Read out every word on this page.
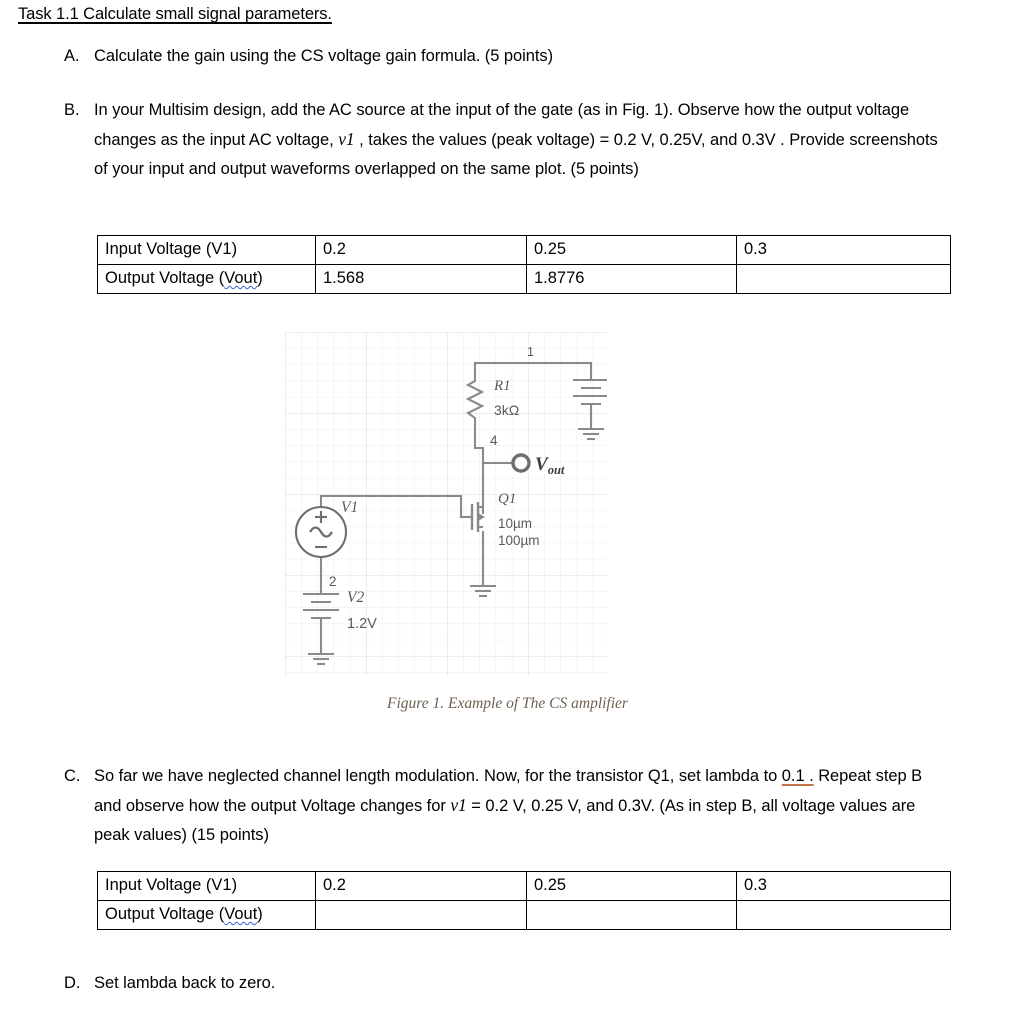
Task 1.1 Calculate small signal parameters.
A. Calculate the gain using the CS voltage gain formula. (5 points)
B. In your Multisim design, add the AC source at the input of the gate (as in Fig. 1). Observe how the output voltage changes as the input AC voltage, v1 , takes the values (peak voltage) = 0.2 V, 0.25V, and 0.3V . Provide screenshots of your input and output waveforms overlapped on the same plot. (5 points)
Input Voltage (V1)	0.2	0.25	0.3
Output Voltage (Vout)	1.568	1.8776	
R1
3kΩ
1
4
2
$V_{out}$
Q1
10µm
100µm
V1
V2
1.2V
Figure 1. Example of The CS amplifier
C. So far we have neglected channel length modulation. Now, for the transistor Q1, set lambda to 0.1 . Repeat step B and observe how the output Voltage changes for v1 = 0.2 V, 0.25 V, and 0.3V. (As in step B, all voltage values are peak values) (15 points)
Input Voltage (V1)	0.2	0.25	0.3
Output Voltage (Vout)			
D. Set lambda back to zero.
